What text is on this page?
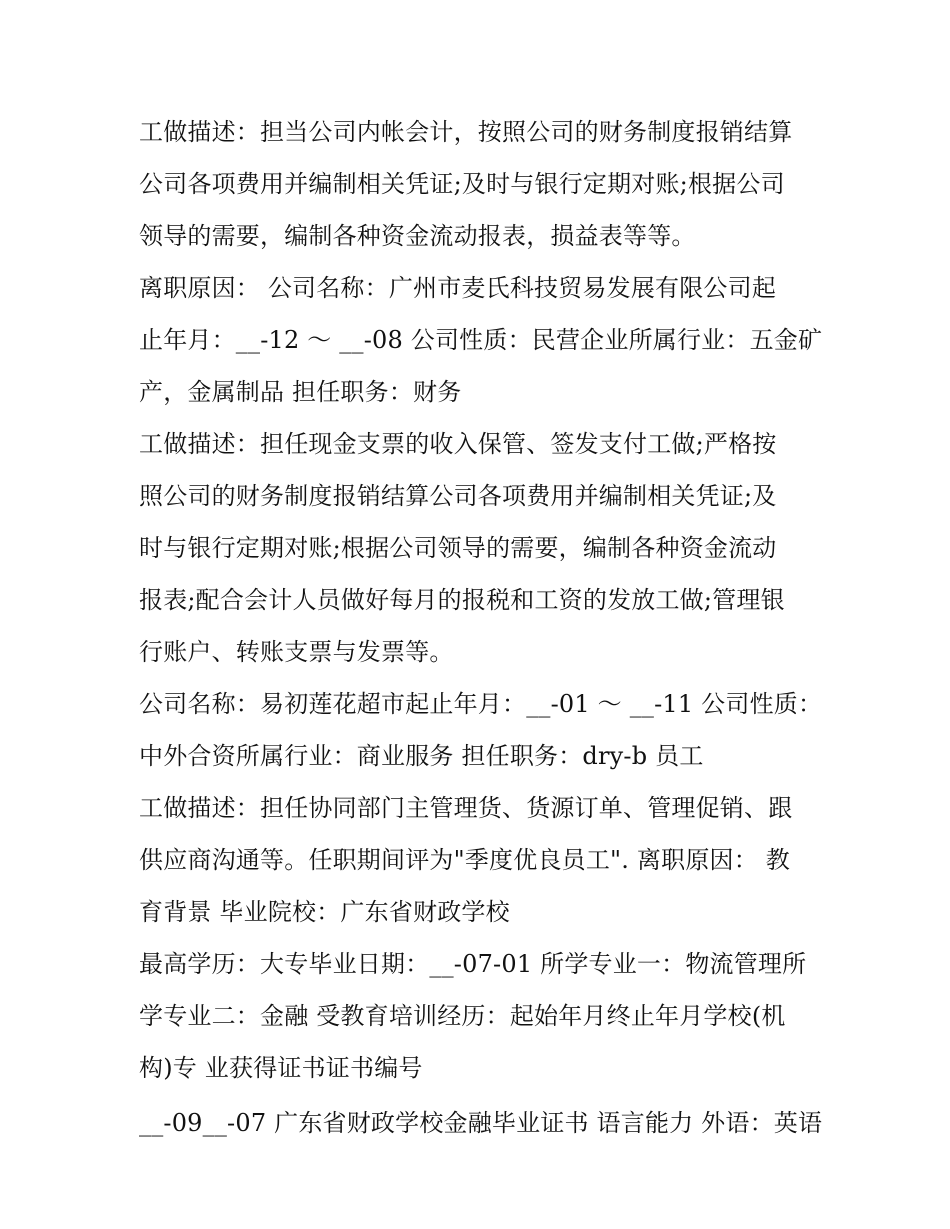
工做描述：担当公司内帐会计，按照公司的财务制度报销结算
公司各项费用并编制相关凭证;及时与银行定期对账;根据公司
领导的需要，编制各种资金流动报表，损益表等等。
离职原因： 公司名称：广州市麦氏科技贸易发展有限公司起
止年月：__-12 ～ __-08 公司性质：民营企业所属行业：五金矿
产，金属制品 担任职务：财务
工做描述：担任现金支票的收入保管、签发支付工做;严格按
照公司的财务制度报销结算公司各项费用并编制相关凭证;及
时与银行定期对账;根据公司领导的需要，编制各种资金流动
报表;配合会计人员做好每月的报税和工资的发放工做;管理银
行账户、转账支票与发票等。
公司名称：易初莲花超市起止年月：__-01 ～ __-11 公司性质：
中外合资所属行业：商业服务 担任职务：dry-b 员工
工做描述：担任协同部门主管理货、货源订单、管理促销、跟
供应商沟通等。任职期间评为"季度优良员工". 离职原因： 教
育背景 毕业院校：广东省财政学校
最高学历：大专毕业日期：__-07-01 所学专业一：物流管理所
学专业二：金融 受教育培训经历：起始年月终止年月学校(机
构)专 业获得证书证书编号
__-09__-07 广东省财政学校金融毕业证书 语言能力 外语：英语
